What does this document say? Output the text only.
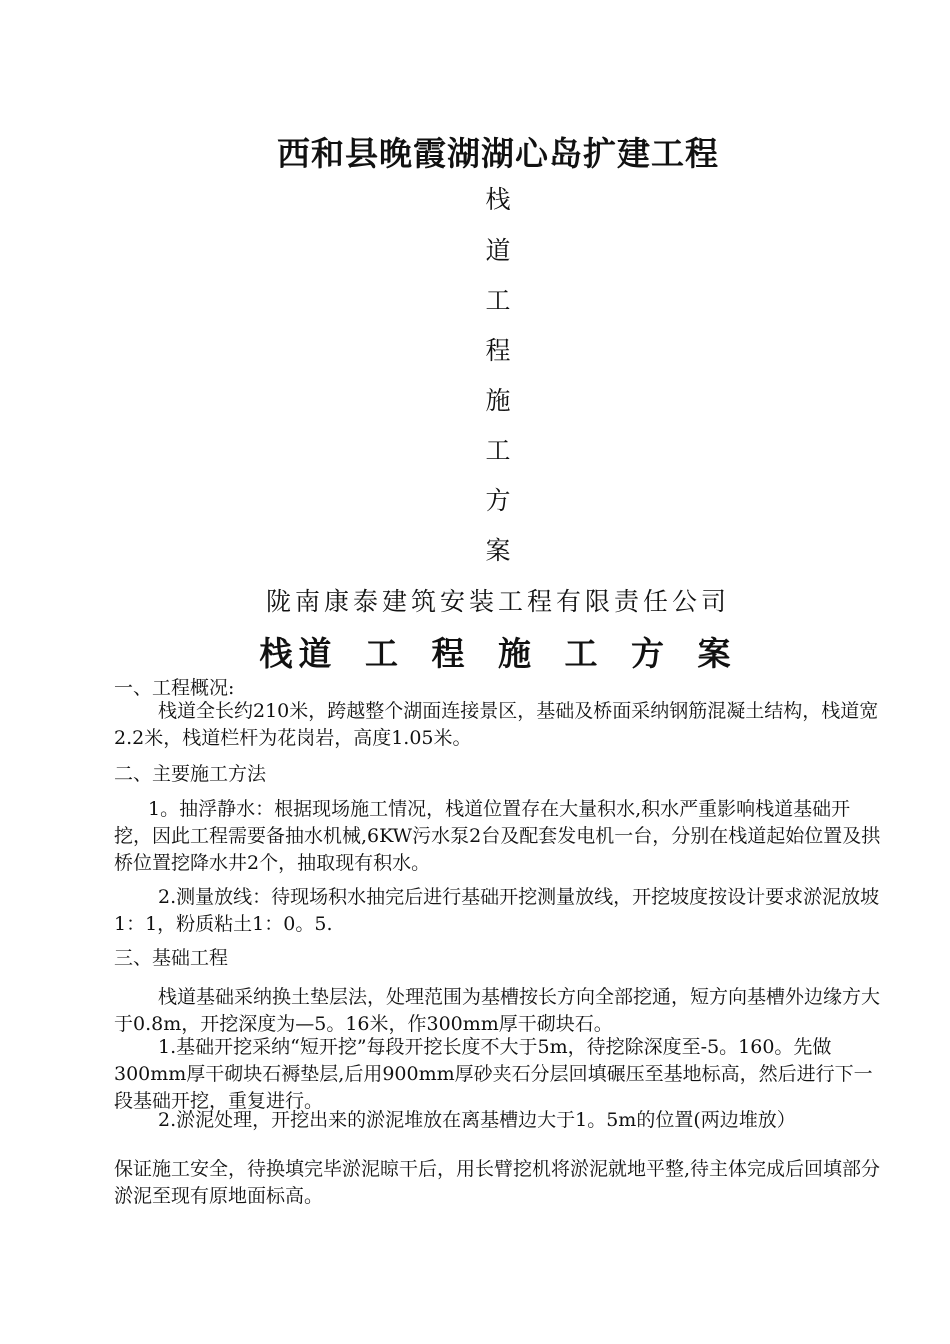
西和县晚霞湖湖心岛扩建工程
栈
道
工
程
施
工
方
案
陇南康泰建筑安装工程有限责任公司
栈道 工 程 施 工 方 案
一、工程概况:
栈道全长约210米，跨越整个湖面连接景区，基础及桥面采纳钢筋混凝土结构，栈道宽2.2米，栈道栏杆为花岗岩，高度1.05米。
二、主要施工方法
1。抽浮静水：根据现场施工情况，栈道位置存在大量积水,积水严重影响栈道基础开挖，因此工程需要备抽水机械,6KW污水泵2台及配套发电机一台，分别在栈道起始位置及拱桥位置挖降水井2个，抽取现有积水。
2.测量放线：待现场积水抽完后进行基础开挖测量放线，开挖坡度按设计要求淤泥放坡1：1，粉质粘土1：0。5.
三、基础工程
栈道基础采纳换土垫层法，处理范围为基槽按长方向全部挖通，短方向基槽外边缘方大于0.8m，开挖深度为—5。16米，作300mm厚干砌块石。
1.基础开挖采纳“短开挖”每段开挖长度不大于5m，待挖除深度至-5。160。先做300mm厚干砌块石褥垫层,后用900mm厚砂夹石分层回填碾压至基地标高，然后进行下一段基础开挖，重复进行。
2.淤泥处理，开挖出来的淤泥堆放在离基槽边大于1。5m的位置(两边堆放）
保证施工安全，待换填完毕淤泥晾干后，用长臂挖机将淤泥就地平整,待主体完成后回填部分淤泥至现有原地面标高。
